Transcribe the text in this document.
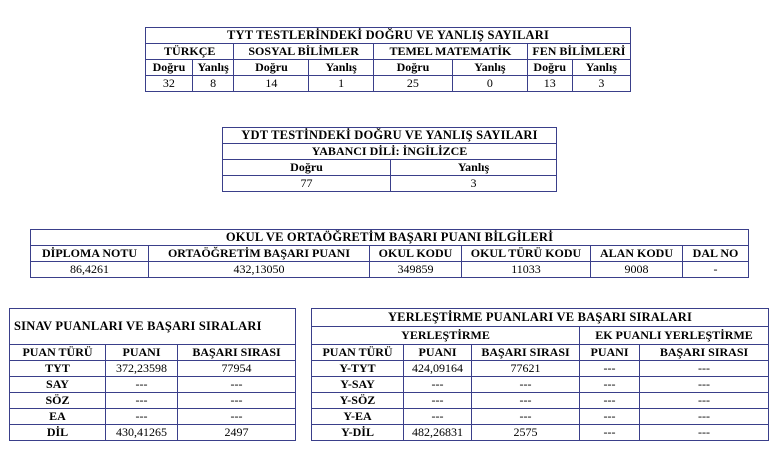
TYT TESTLERİNDEKİ DOĞRU VE YANLIŞ SAYILARI							
TÜRKÇE		SOSYAL BİLİMLER		TEMEL MATEMATİK		FEN BİLİMLERİ	
Doğru	Yanlış	Doğru	Yanlış	Doğru	Yanlış	Doğru	Yanlış
32	8	14	1	25	0	13	3
YDT TESTİNDEKİ DOĞRU VE YANLIŞ SAYILARI	
YABANCI DİLİ: İNGİLİZCE	
Doğru	Yanlış
77	3
OKUL VE ORTAÖĞRETİM BAŞARI PUANI BİLGİLERİ					
DİPLOMA NOTU	ORTAÖĞRETİM BAŞARI PUANI	OKUL KODU	OKUL TÜRÜ KODU	ALAN KODU	DAL NO
86,4261	432,13050	349859	11033	9008	-
SINAV PUANLARI VE BAŞARI SIRALARI				YERLEŞTİRME PUANLARI VE BAŞARI SIRALARI				
				YERLEŞTİRME			EK PUANLI YERLEŞTİRME	
PUAN TÜRÜ	PUANI	BAŞARI SIRASI		PUAN TÜRÜ	PUANI	BAŞARI SIRASI	PUANI	BAŞARI SIRASI
TYT	372,23598	77954		Y-TYT	424,09164	77621	---	---
SAY	---	---		Y-SAY	---	---	---	---
SÖZ	---	---		Y-SÖZ	---	---	---	---
EA	---	---		Y-EA	---	---	---	---
DİL	430,41265	2497		Y-DİL	482,26831	2575	---	---
